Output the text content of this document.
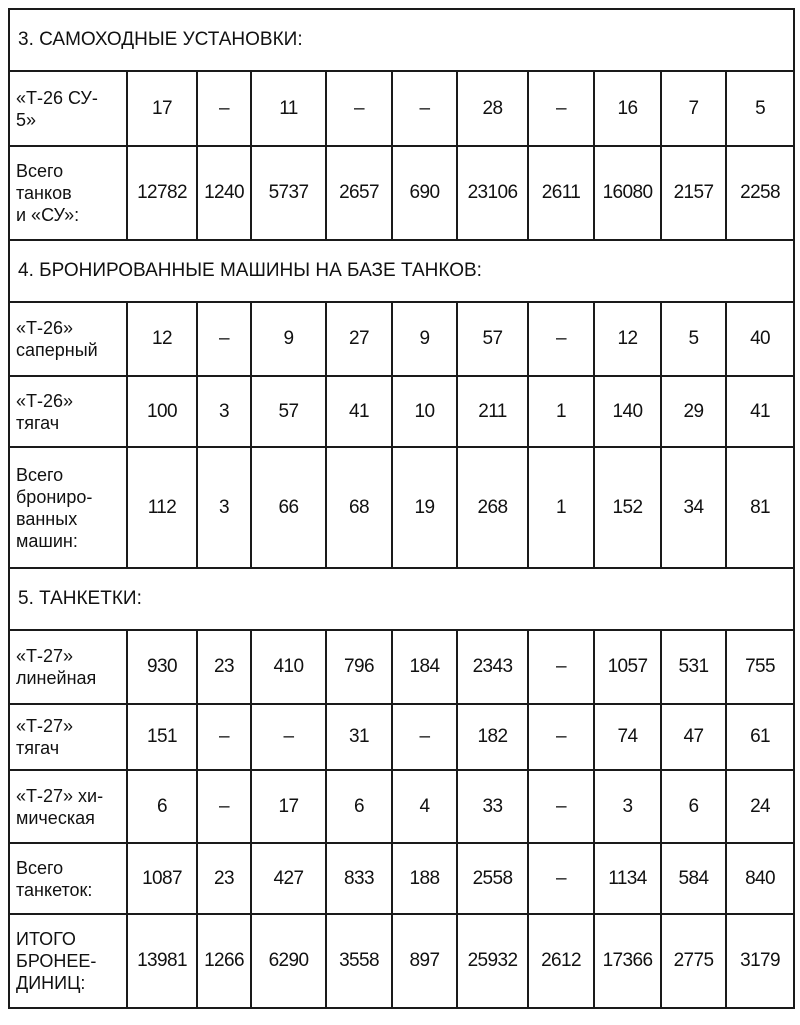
3. САМОХОДНЫЕ УСТАНОВКИ:										

«Т-26 СУ-
5»	17	–	11	–	–	28	–	16	7	5

Всего
танков
и «СУ»:	12782	1240	5737	2657	690	23106	2611	16080	2157	2258

4. БРОНИРОВАННЫЕ МАШИНЫ НА БАЗЕ ТАНКОВ:										

«Т-26»
саперный	12	–	9	27	9	57	–	12	5	40

«Т-26»
тягач	100	3	57	41	10	211	1	140	29	41

Всего
брониро-
ванных
машин:	112	3	66	68	19	268	1	152	34	81

5. ТАНКЕТКИ:										

«Т-27»
линейная	930	23	410	796	184	2343	–	1057	531	755

«Т-27»
тягач	151	–	–	31	–	182	–	74	47	61

«Т-27» хи-
мическая	6	–	17	6	4	33	–	3	6	24

Всего
танкеток:	1087	23	427	833	188	2558	–	1134	584	840

ИТОГО
БРОНЕЕ-
ДИНИЦ:	13981	1266	6290	3558	897	25932	2612	17366	2775	3179
